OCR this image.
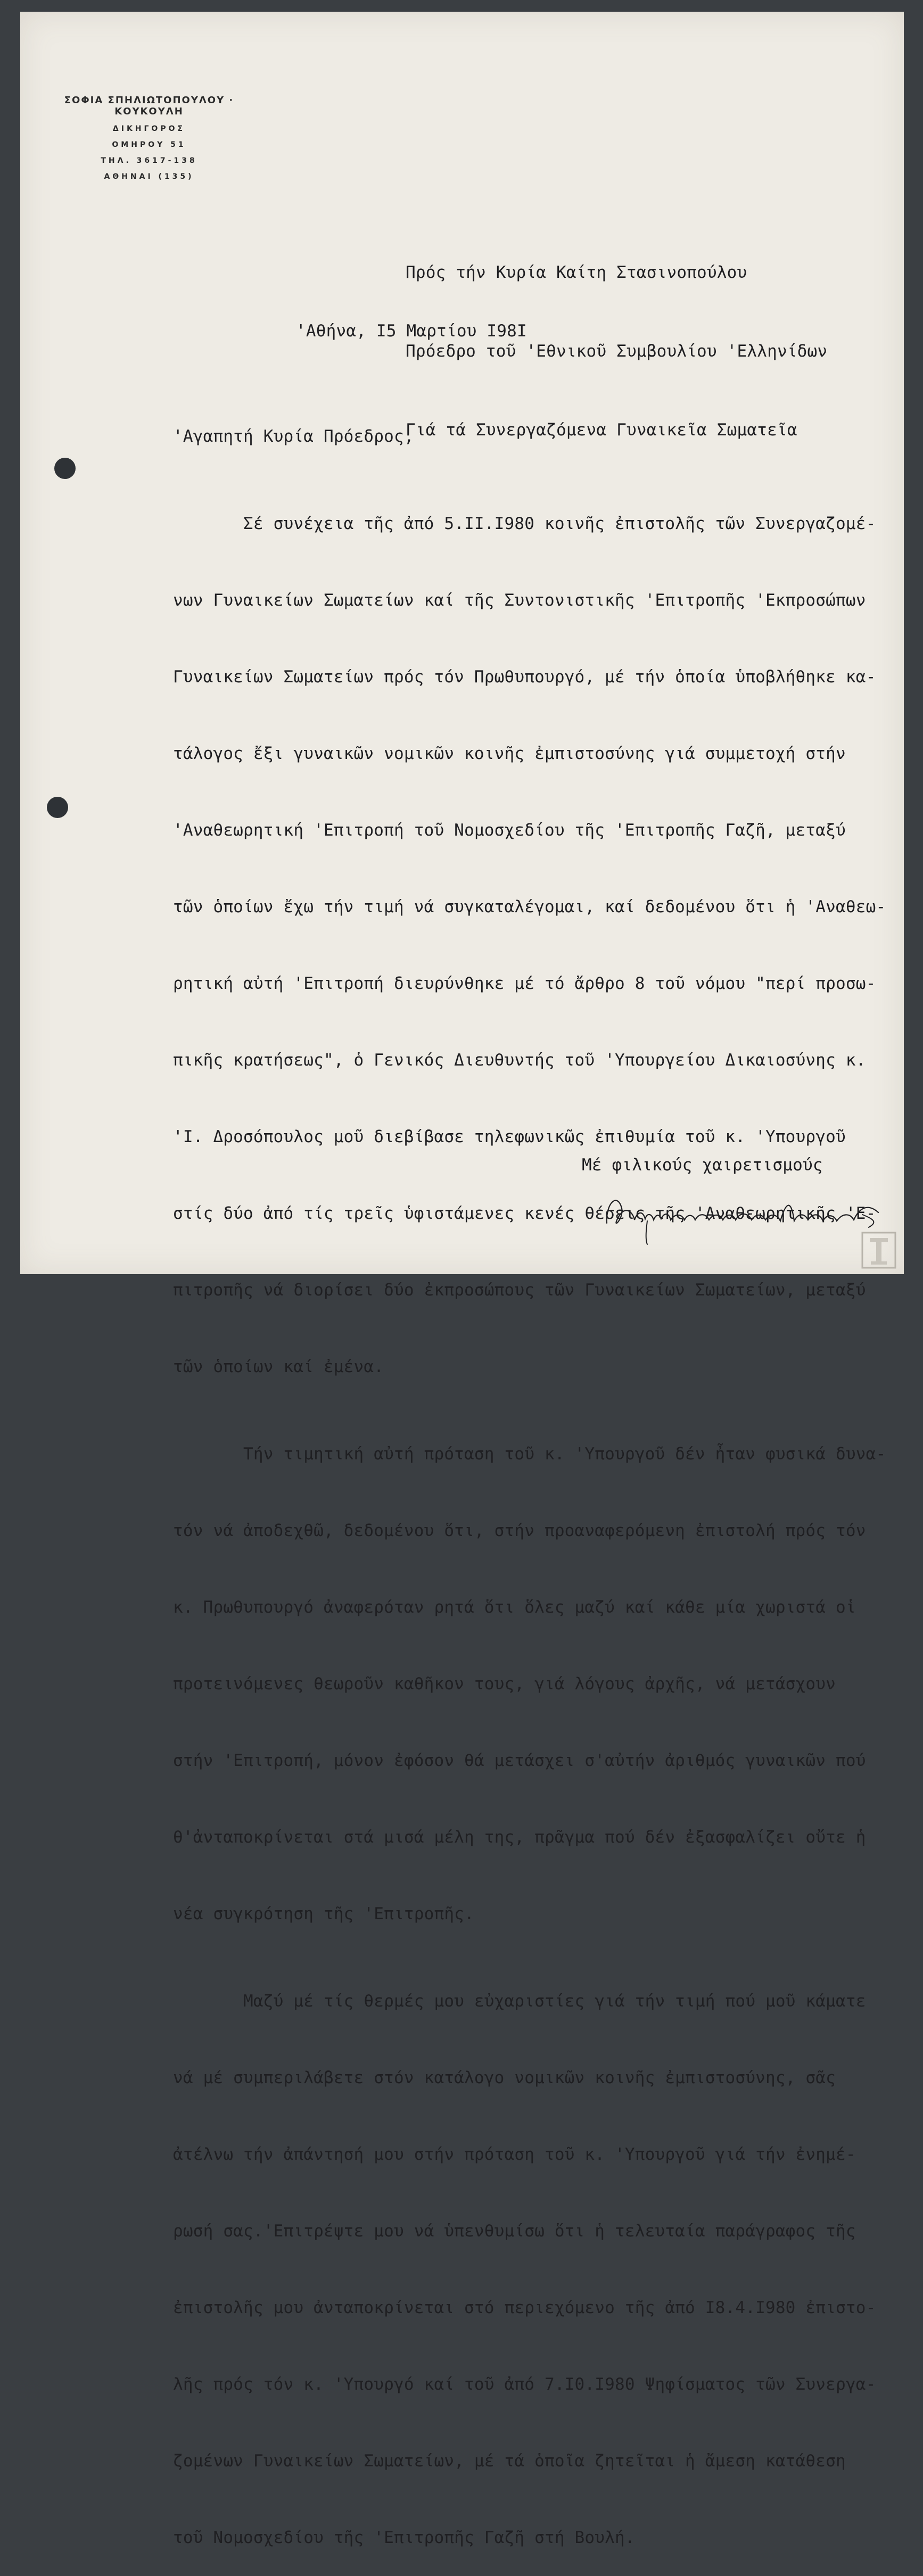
ΣΟΦΙΑ ΣΠΗΛΙΩΤΟΠΟΥΛΟΥ · ΚΟΥΚΟΥΛΗ
ΔΙΚΗΓΟΡΟΣ
ΟΜΗΡΟΥ 51
ΤΗΛ. 3617-138
ΑΘΗΝΑΙ (135)

Πρός τήν Κυρία Καίτη Στασινοπούλου

Πρόεδρο τοῦ 'Εθνικοῦ Συμβουλίου 'Ελληνίδων

Γιά τά Συνεργαζόμενα Γυναικεῖα Σωματεῖα

'Αθήνα, Ι5 Μαρτίου Ι98Ι

'Αγαπητή Κυρία Πρόεδρος,

Σέ συνέχεια τῆς ἀπό 5.ΙΙ.Ι980 κοινῆς ἐπιστολῆς τῶν Συνεργαζομέ-

νων Γυναικείων Σωματείων καί τῆς Συντονιστικῆς 'Επιτροπῆς 'Εκπροσώπων

Γυναικείων Σωματείων πρός τόν Πρωθυπουργό, μέ τήν ὁποία ὑποβλήθηκε κα-

τάλογος ἔξι γυναικῶν νομικῶν κοινῆς ἐμπιστοσύνης γιά συμμετοχή στήν

'Αναθεωρητική 'Επιτροπή τοῦ Νομοσχεδίου τῆς 'Επιτροπῆς Γαζῆ, μεταξύ

τῶν ὁποίων ἔχω τήν τιμή νά συγκαταλέγομαι, καί δεδομένου ὅτι ἡ 'Αναθεω-

ρητική αὐτή 'Επιτροπή διευρύνθηκε μέ τό ἄρθρο 8 τοῦ νόμου "περί προσω-

πικῆς κρατήσεως", ὁ Γενικός Διευθυντής τοῦ 'Υπουργείου Δικαιοσύνης κ.

'Ι. Δροσόπουλος μοῦ διεβίβασε τηλεφωνικῶς ἐπιθυμία τοῦ κ. 'Υπουργοῦ

στίς δύο ἀπό τίς τρεῖς ὑφιστάμενες κενές θέσεις τῆς 'Αναθεωρητικῆς 'Ε-

πιτροπῆς νά διορίσει δύο ἐκπροσώπους τῶν Γυναικείων Σωματείων, μεταξύ

τῶν ὁποίων καί ἐμένα.

Τήν τιμητική αὐτή πρόταση τοῦ κ. 'Υπουργοῦ δέν ἦταν φυσικά δυνα-

τόν νά ἀποδεχθῶ, δεδομένου ὅτι, στήν προαναφερόμενη ἐπιστολή πρός τόν

κ. Πρωθυπουργό ἀναφερόταν ρητά ὅτι ὅλες μαζύ καί κάθε μία χωριστά οἱ

προτεινόμενες θεωροῦν καθῆκον τους, γιά λόγους ἀρχῆς, νά μετάσχουν

στήν 'Επιτροπή, μόνον ἐφόσον θά μετάσχει σ'αὐτήν ἀριθμός γυναικῶν πού

θ'ἀνταποκρίνεται στά μισά μέλη της, πρᾶγμα πού δέν ἐξασφαλίζει οὔτε ἡ

νέα συγκρότηση τῆς 'Επιτροπῆς.

Μαζύ μέ τίς θερμές μου εὐχαριστίες γιά τήν τιμή πού μοῦ κάματε

νά μέ συμπεριλάβετε στόν κατάλογο νομικῶν κοινῆς ἐμπιστοσύνης, σᾶς

ἀτέλνω τήν ἀπάντησή μου στήν πρόταση τοῦ κ. 'Υπουργοῦ γιά τήν ἐνημέ-

ρωσή σας.'Επιτρέψτε μου νά ὑπενθυμίσω ὅτι ἡ τελευταία παράγραφος τῆς

ἐπιστολῆς μου ἀνταποκρίνεται στό περιεχόμενο τῆς ἀπό Ι8.4.Ι980 ἐπιστο-

λῆς πρός τόν κ. 'Υπουργό καί τοῦ ἀπό 7.Ι0.Ι980 Ψηφίσματος τῶν Συνεργα-

ζομένων Γυναικείων Σωματείων, μέ τά ὁποῖα ζητεῖται ἡ ἄμεση κατάθεση

τοῦ Νομοσχεδίου τῆς 'Επιτροπῆς Γαζῆ στή Βουλή.

Μέ φιλικούς χαιρετισμούς
